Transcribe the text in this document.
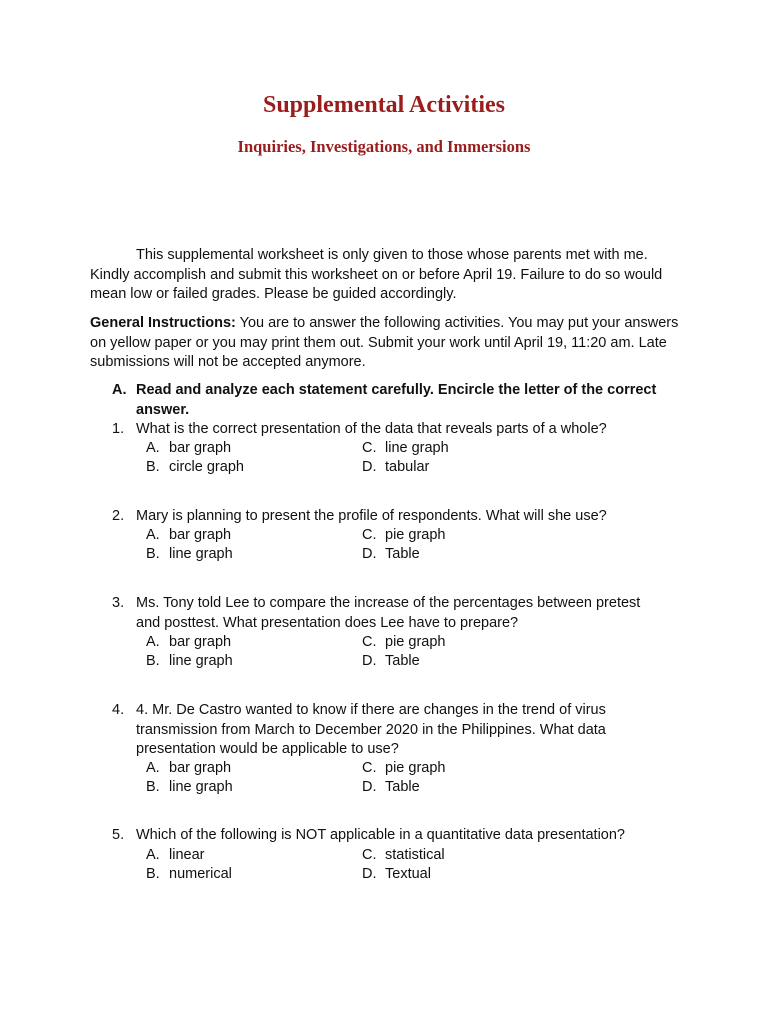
Supplemental Activities
Inquiries, Investigations, and Immersions

This supplemental worksheet is only given to those whose parents met with me. Kindly accomplish and submit this worksheet on or before April 19. Failure to do so would mean low or failed grades. Please be guided accordingly.

General Instructions: You are to answer the following activities. You may put your answers on yellow paper or you may print them out. Submit your work until April 19, 11:20 am. Late submissions will not be accepted anymore.

A. Read and analyze each statement carefully. Encircle the letter of the correct answer.
1. What is the correct presentation of the data that reveals parts of a whole?
A. bar graph	C. line graph
B. circle graph	D. tabular
2. Mary is planning to present the profile of respondents. What will she use?
A. bar graph	C. pie graph
B. line graph	D. Table
3. Ms. Tony told Lee to compare the increase of the percentages between pretest and posttest. What presentation does Lee have to prepare?
A. bar graph	C. pie graph
B. line graph	D. Table
4. 4. Mr. De Castro wanted to know if there are changes in the trend of virus transmission from March to December 2020 in the Philippines. What data presentation would be applicable to use?
A. bar graph	C. pie graph
B. line graph	D. Table
5. Which of the following is NOT applicable in a quantitative data presentation?
A. linear	C. statistical
B. numerical	D. Textual
